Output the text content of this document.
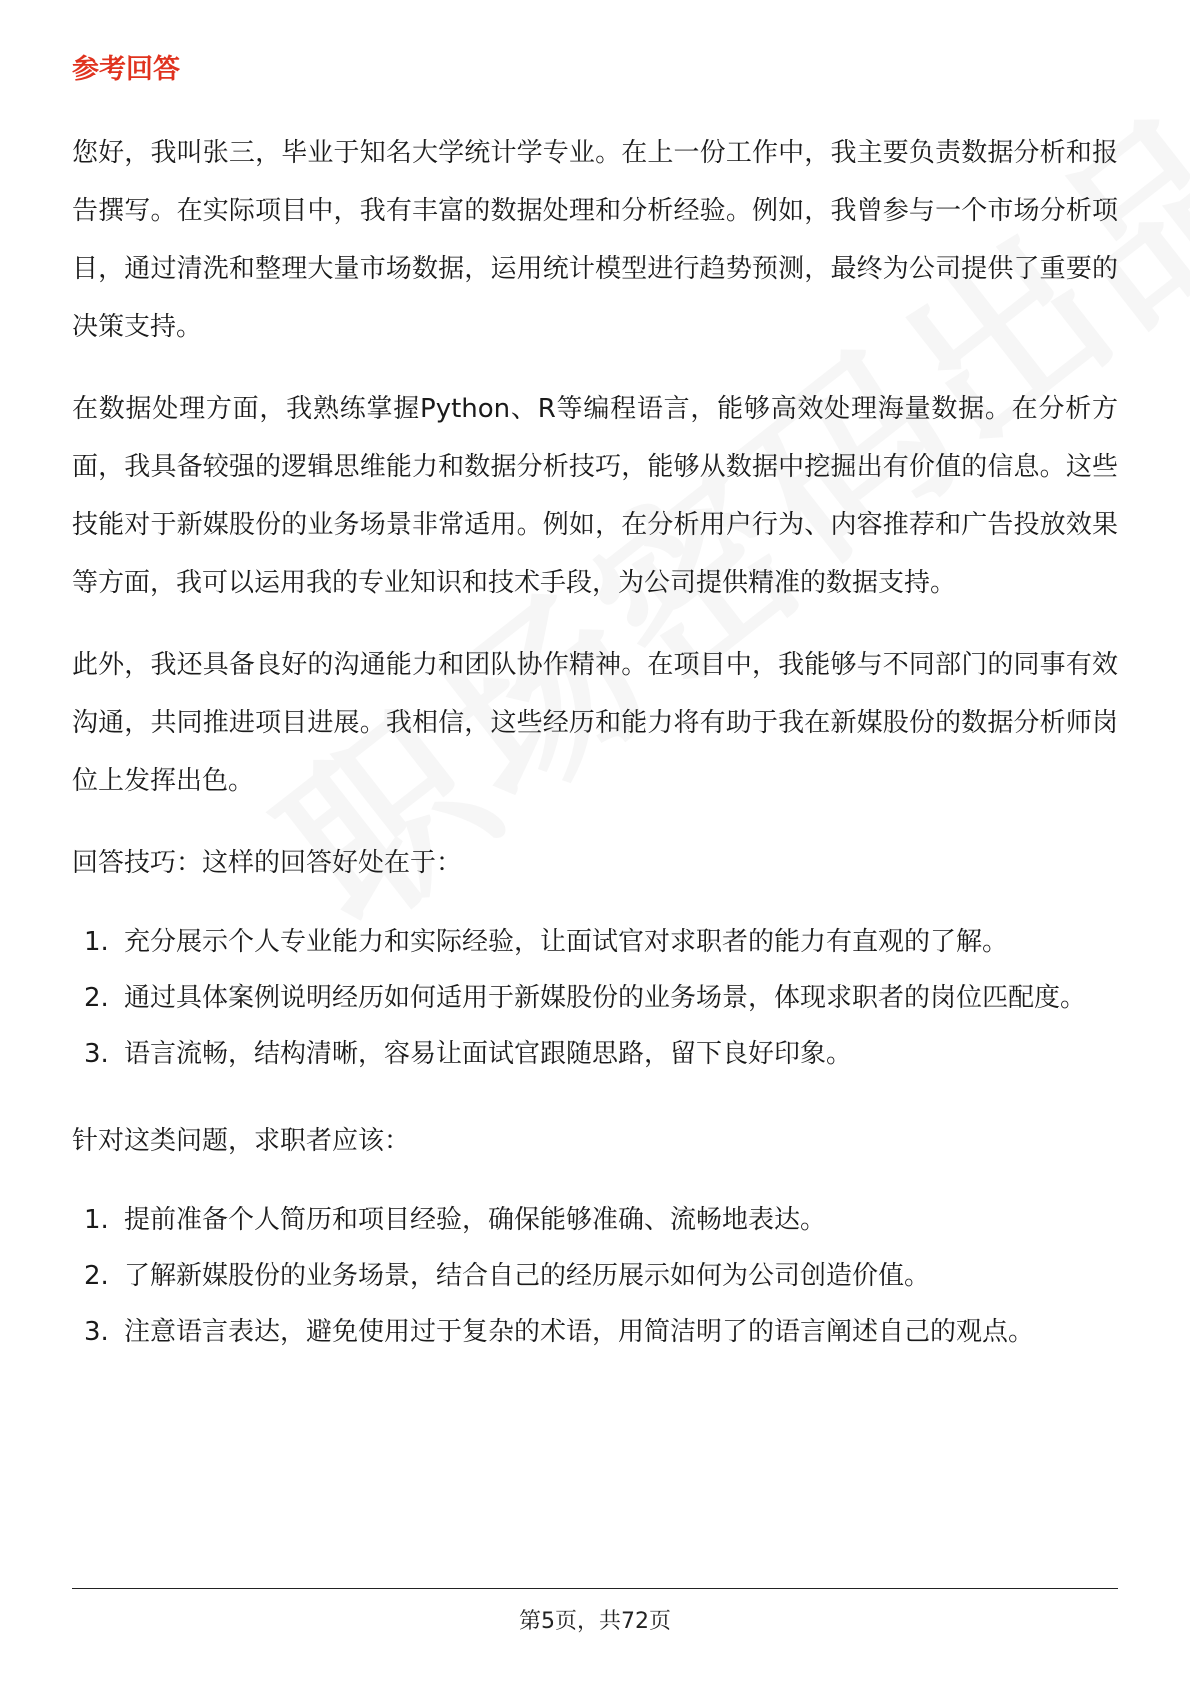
参考回答

您好，我叫张三，毕业于知名大学统计学专业。在上一份工作中，我主要负责数据分析和报告撰写。在实际项目中，我有丰富的数据处理和分析经验。例如，我曾参与一个市场分析项目，通过清洗和整理大量市场数据，运用统计模型进行趋势预测，最终为公司提供了重要的决策支持。

在数据处理方面，我熟练掌握Python、R等编程语言，能够高效处理海量数据。在分析方面，我具备较强的逻辑思维能力和数据分析技巧，能够从数据中挖掘出有价值的信息。这些技能对于新媒股份的业务场景非常适用。例如，在分析用户行为、内容推荐和广告投放效果等方面，我可以运用我的专业知识和技术手段，为公司提供精准的数据支持。

此外，我还具备良好的沟通能力和团队协作精神。在项目中，我能够与不同部门的同事有效沟通，共同推进项目进展。我相信，这些经历和能力将有助于我在新媒股份的数据分析师岗位上发挥出色。

回答技巧：这样的回答好处在于：

1. 充分展示个人专业能力和实际经验，让面试官对求职者的能力有直观的了解。
2. 通过具体案例说明经历如何适用于新媒股份的业务场景，体现求职者的岗位匹配度。
3. 语言流畅，结构清晰，容易让面试官跟随思路，留下良好印象。

针对这类问题，求职者应该：

1. 提前准备个人简历和项目经验，确保能够准确、流畅地表达。
2. 了解新媒股份的业务场景，结合自己的经历展示如何为公司创造价值。
3. 注意语言表达，避免使用过于复杂的术语，用简洁明了的语言阐述自己的观点。
第5页，共72页
